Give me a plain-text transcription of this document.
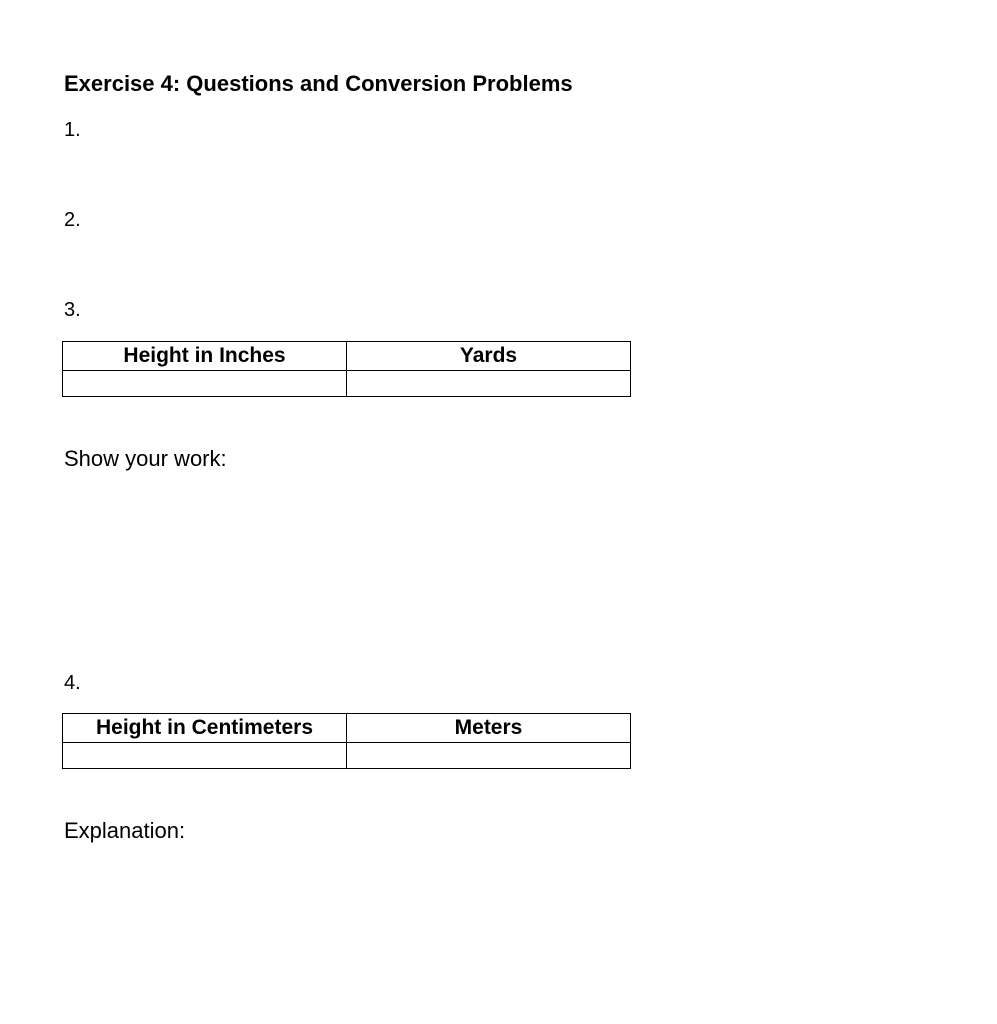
Exercise 4: Questions and Conversion Problems
1.
2.
3.
Height in Inches	Yards

Show your work:
4.
Height in Centimeters	Meters

Explanation:
